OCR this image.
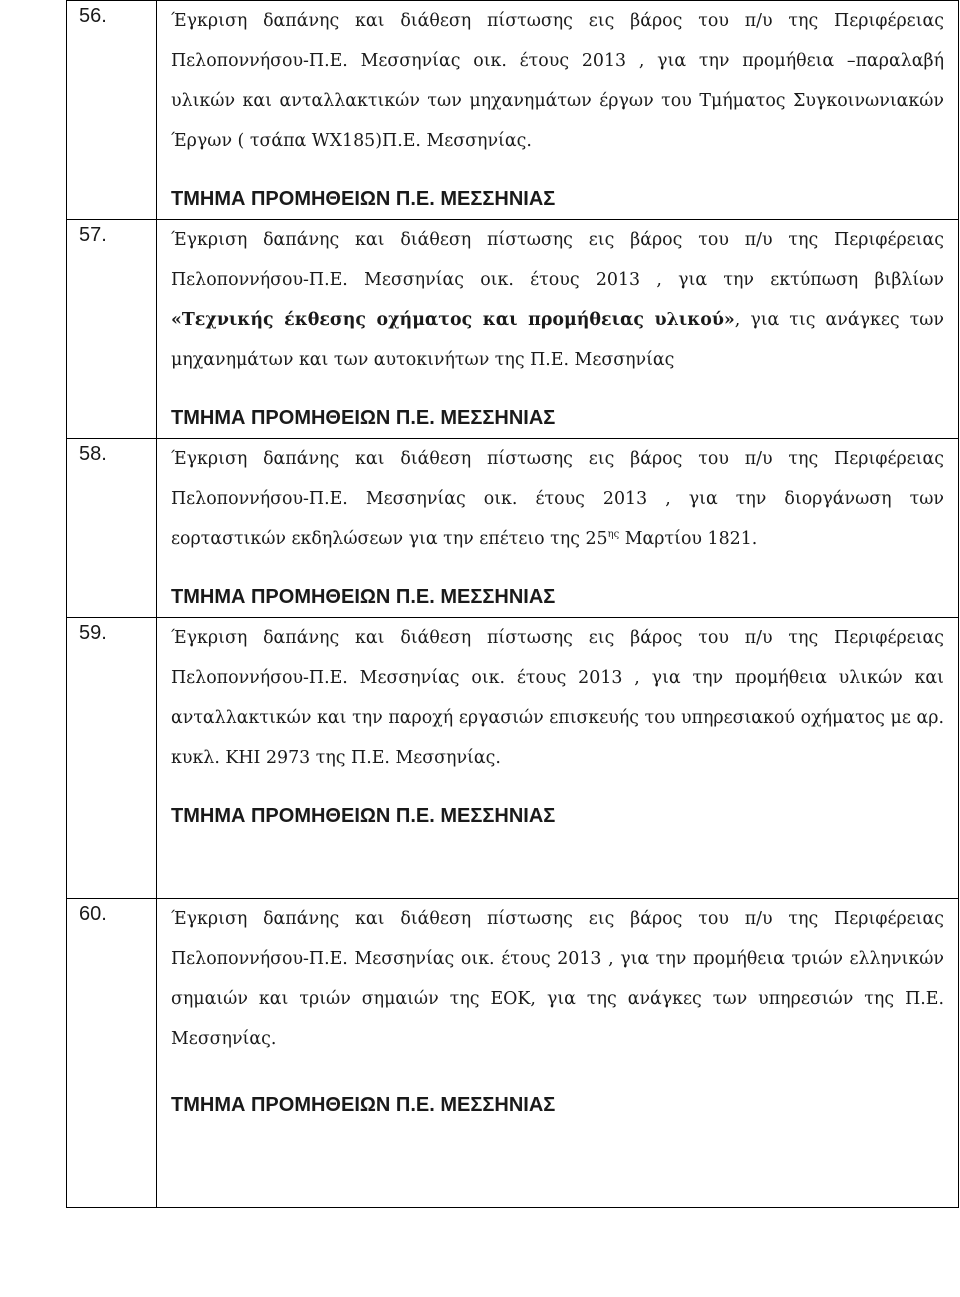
56.	Έγκριση δαπάνης και διάθεση πίστωσης εις βάρος του π/υ της Περιφέρειας Πελοποννήσου-Π.Ε. Μεσσηνίας οικ. έτους 2013 , για την προμήθεια –παραλαβή υλικών και ανταλλακτικών των μηχανημάτων έργων του Τμήματος Συγκοινωνιακών Έργων ( τσάπα WX185)Π.Ε. Μεσσηνίας.
ΤΜΗΜΑ ΠΡΟΜΗΘΕΙΩΝ Π.Ε. ΜΕΣΣΗΝΙΑΣ

57.	Έγκριση δαπάνης και διάθεση πίστωσης εις βάρος του π/υ της Περιφέρειας Πελοποννήσου-Π.Ε. Μεσσηνίας οικ. έτους 2013 , για την εκτύπωση βιβλίων «Τεχνικής έκθεσης οχήματος και προμήθειας υλικού», για τις ανάγκες των μηχανημάτων και των αυτοκινήτων της Π.Ε. Μεσσηνίας
ΤΜΗΜΑ ΠΡΟΜΗΘΕΙΩΝ Π.Ε. ΜΕΣΣΗΝΙΑΣ

58.	Έγκριση δαπάνης και διάθεση πίστωσης εις βάρος του π/υ της Περιφέρειας Πελοποννήσου-Π.Ε. Μεσσηνίας οικ. έτους 2013 , για την διοργάνωση των εορταστικών εκδηλώσεων για την επέτειο της $25^{\eta\varsigma}$ Μαρτίου 1821.
ΤΜΗΜΑ ΠΡΟΜΗΘΕΙΩΝ Π.Ε. ΜΕΣΣΗΝΙΑΣ

59.	Έγκριση δαπάνης και διάθεση πίστωσης εις βάρος του π/υ της Περιφέρειας Πελοποννήσου-Π.Ε. Μεσσηνίας οικ. έτους 2013 , για την προμήθεια υλικών και ανταλλακτικών και την παροχή εργασιών επισκευής του υπηρεσιακού οχήματος με αρ. κυκλ. ΚΗΙ 2973 της Π.Ε. Μεσσηνίας.
ΤΜΗΜΑ ΠΡΟΜΗΘΕΙΩΝ Π.Ε. ΜΕΣΣΗΝΙΑΣ

60.	Έγκριση δαπάνης και διάθεση πίστωσης εις βάρος του π/υ της Περιφέρειας Πελοποννήσου-Π.Ε. Μεσσηνίας οικ. έτους 2013 , για την προμήθεια τριών ελληνικών σημαιών και τριών σημαιών της ΕΟΚ, για της ανάγκες των υπηρεσιών της Π.Ε. Μεσσηνίας.
ΤΜΗΜΑ ΠΡΟΜΗΘΕΙΩΝ Π.Ε. ΜΕΣΣΗΝΙΑΣ
